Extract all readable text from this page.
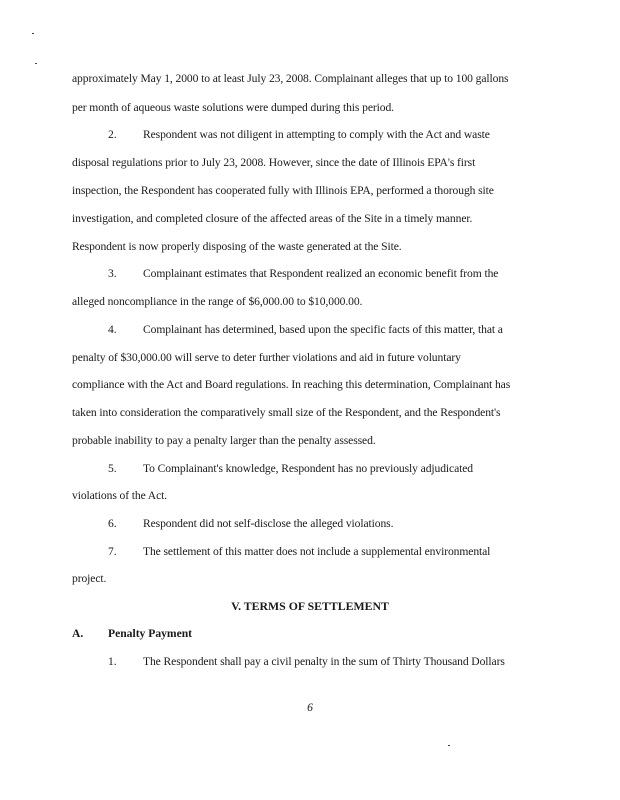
approximately May 1, 2000 to at least July 23, 2008. Complainant alleges that up to 100 gallons
per month of aqueous waste solutions were dumped during this period.
2. Respondent was not diligent in attempting to comply with the Act and waste
disposal regulations prior to July 23, 2008. However, since the date of Illinois EPA's first
inspection, the Respondent has cooperated fully with Illinois EPA, performed a thorough site
investigation, and completed closure of the affected areas of the Site in a timely manner.
Respondent is now properly disposing of the waste generated at the Site.
3. Complainant estimates that Respondent realized an economic benefit from the
alleged noncompliance in the range of $6,000.00 to $10,000.00.
4. Complainant has determined, based upon the specific facts of this matter, that a
penalty of $30,000.00 will serve to deter further violations and aid in future voluntary
compliance with the Act and Board regulations. In reaching this determination, Complainant has
taken into consideration the comparatively small size of the Respondent, and the Respondent's
probable inability to pay a penalty larger than the penalty assessed.
5. To Complainant's knowledge, Respondent has no previously adjudicated
violations of the Act.
6. Respondent did not self-disclose the alleged violations.
7. The settlement of this matter does not include a supplemental environmental
project.
V. TERMS OF SETTLEMENT
A. Penalty Payment
1. The Respondent shall pay a civil penalty in the sum of Thirty Thousand Dollars
6
